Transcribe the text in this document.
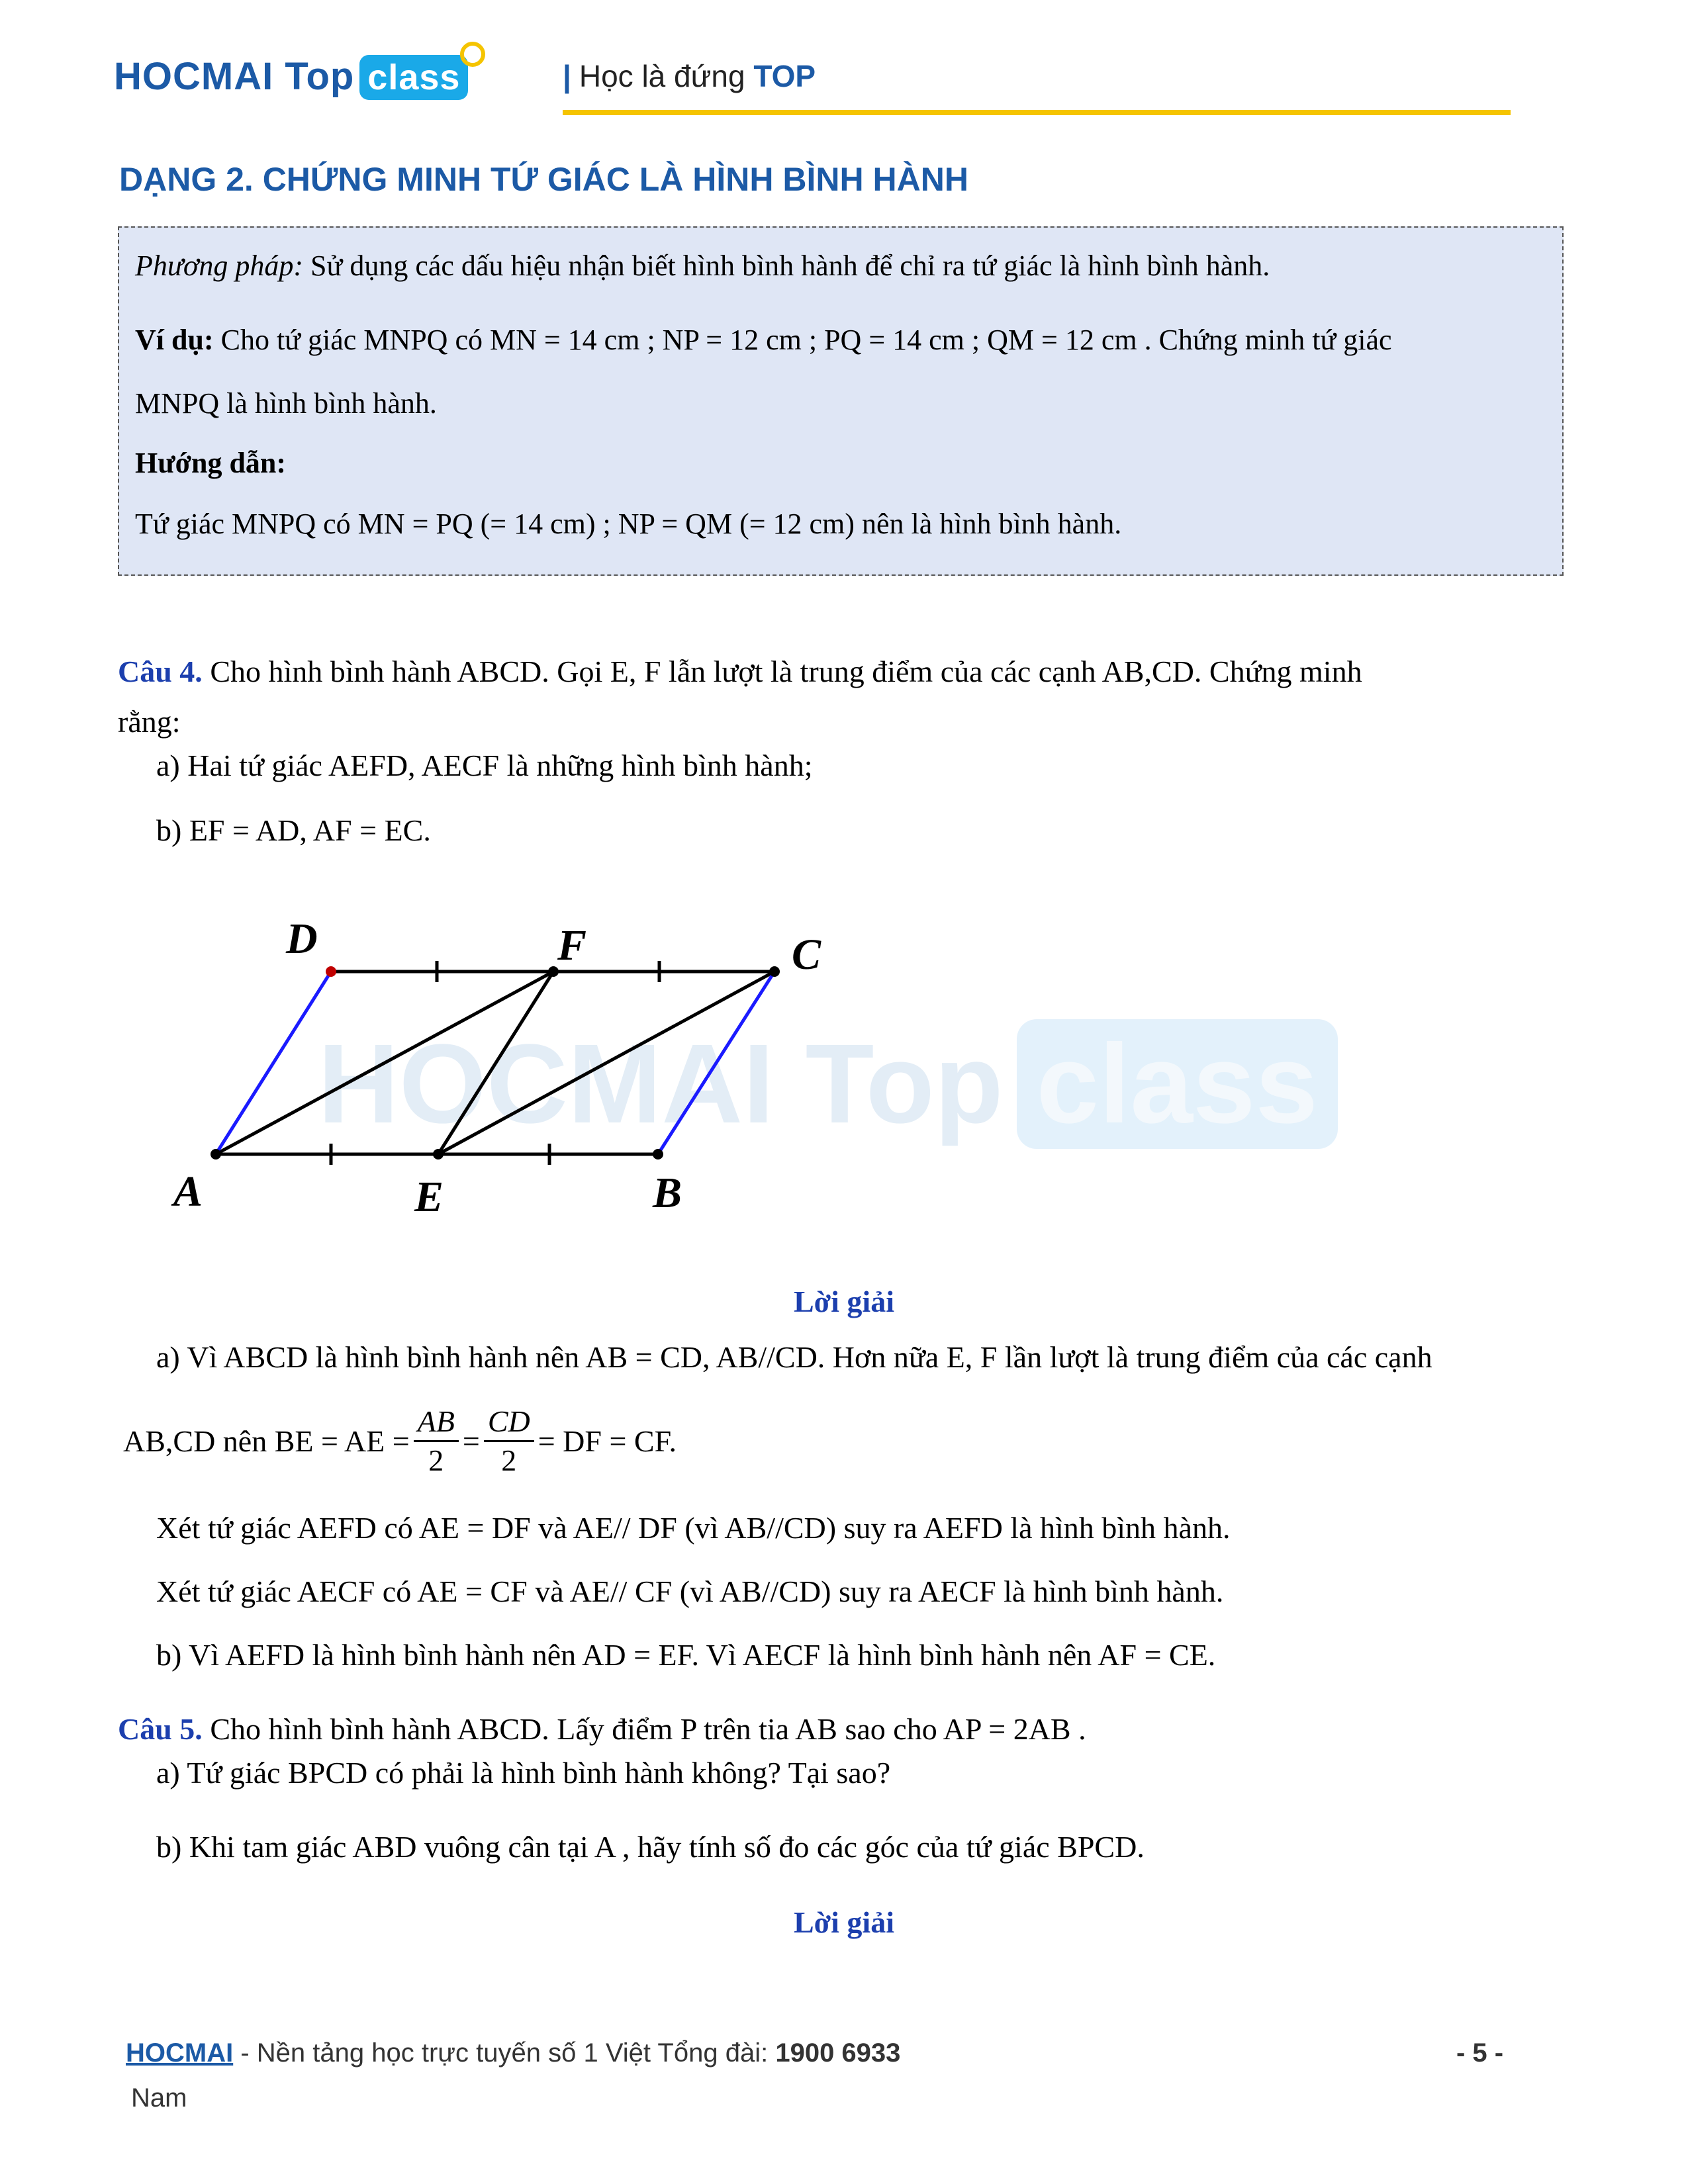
HOCMAI Top class	| Học là đứng TOP
DẠNG 2. CHỨNG MINH TỨ GIÁC LÀ HÌNH BÌNH HÀNH
Phương pháp: Sử dụng các dấu hiệu nhận biết hình bình hành để chỉ ra tứ giác là hình bình hành.
Ví dụ: Cho tứ giác MNPQ có MN = 14 cm ; NP = 12 cm ; PQ = 14 cm ; QM = 12 cm . Chứng minh tứ giác
MNPQ là hình bình hành.
Hướng dẫn:
Tứ giác MNPQ có MN = PQ (= 14 cm) ; NP = QM (= 12 cm) nên là hình bình hành.
Câu 4. Cho hình bình hành ABCD. Gọi E, F lẫn lượt là trung điểm của các cạnh AB,CD. Chứng minh
rằng:
a) Hai tứ giác AEFD, AECF là những hình bình hành;
b) EF = AD, AF = EC.
HOCMAI Top class
D	F	C
A	E	B
Lời giải
a) Vì ABCD là hình bình hành nên AB = CD, AB//CD. Hơn nữa E, F lần lượt là trung điểm của các cạnh
AB,CD nên BE = AE = $\frac{AB}{2} = \frac{CD}{2}$ = DF = CF.
Xét tứ giác AEFD có AE = DF và AE// DF (vì AB//CD) suy ra AEFD là hình bình hành.
Xét tứ giác AECF có AE = CF và AE// CF (vì AB//CD) suy ra AECF là hình bình hành.
b) Vì AEFD là hình bình hành nên AD = EF. Vì AECF là hình bình hành nên AF = CE.
Câu 5. Cho hình bình hành ABCD. Lấy điểm P trên tia AB sao cho AP = 2AB .
a) Tứ giác BPCD có phải là hình bình hành không? Tại sao?
b) Khi tam giác ABD vuông cân tại A , hãy tính số đo các góc của tứ giác BPCD.
Lời giải
HOCMAI - Nền tảng học trực tuyến số 1 Việt Tổng đài: 1900 6933	- 5 -
Nam
